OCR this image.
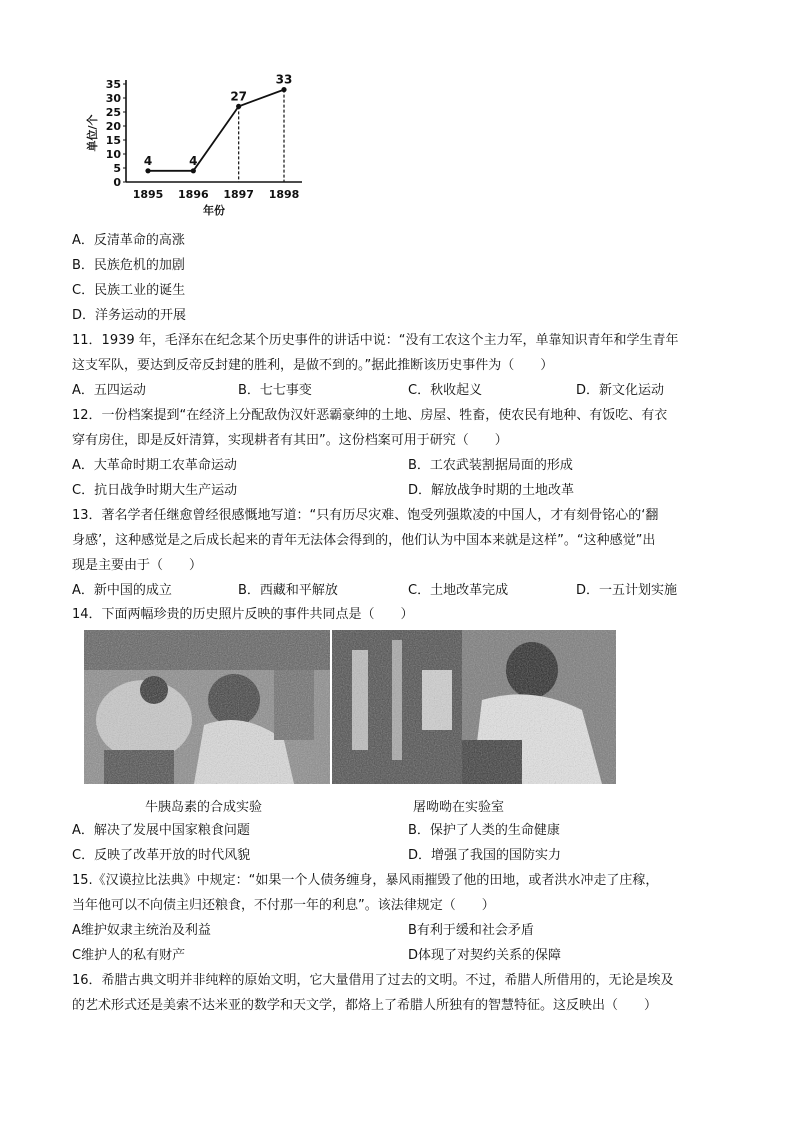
0
5
10
15
20
25
30
35
1895 1896 1897 1898
4	4
27
33
年份
单位/个
A．反清革命的高涨
B．民族危机的加剧
C．民族工业的诞生
D．洋务运动的开展
11．1939 年，毛泽东在纪念某个历史事件的讲话中说：“没有工农这个主力军，单靠知识青年和学生青年
这支军队，要达到反帝反封建的胜利，是做不到的。”据此推断该历史事件为（　　）
A．五四运动	B．七七事变	C．秋收起义	D．新文化运动
12．一份档案提到“在经济上分配敌伪汉奸恶霸豪绅的土地、房屋、牲畜，使农民有地种、有饭吃、有衣
穿有房住，即是反奸清算，实现耕者有其田”。这份档案可用于研究（　　）
A．大革命时期工农革命运动	B．工农武装割据局面的形成
C．抗日战争时期大生产运动	D．解放战争时期的土地改革
13．著名学者任继愈曾经很感慨地写道：“只有历尽灾难、饱受列强欺凌的中国人，才有刻骨铭心的‘翻
身感’，这种感觉是之后成长起来的青年无法体会得到的，他们认为中国本来就是这样”。“这种感觉”出
现是主要由于（　　）
A．新中国的成立	B．西藏和平解放	C．土地改革完成	D．一五计划实施
14．下面两幅珍贵的历史照片反映的事件共同点是（　　）
牛胰岛素的合成实验	屠呦呦在实验室
A．解决了发展中国家粮食问题	B．保护了人类的生命健康
C．反映了改革开放的时代风貌	D．增强了我国的国防实力
15.《汉谟拉比法典》中规定：“如果一个人债务缠身，暴风雨摧毁了他的田地，或者洪水冲走了庄稼，
当年他可以不向债主归还粮食，不付那一年的利息”。该法律规定（　　）
A维护奴隶主统治及利益	B有利于缓和社会矛盾
C维护人的私有财产	D体现了对契约关系的保障
16．希腊古典文明并非纯粹的原始文明，它大量借用了过去的文明。不过，希腊人所借用的，无论是埃及
的艺术形式还是美索不达米亚的数学和天文学，都烙上了希腊人所独有的智慧特征。这反映出（　　）
